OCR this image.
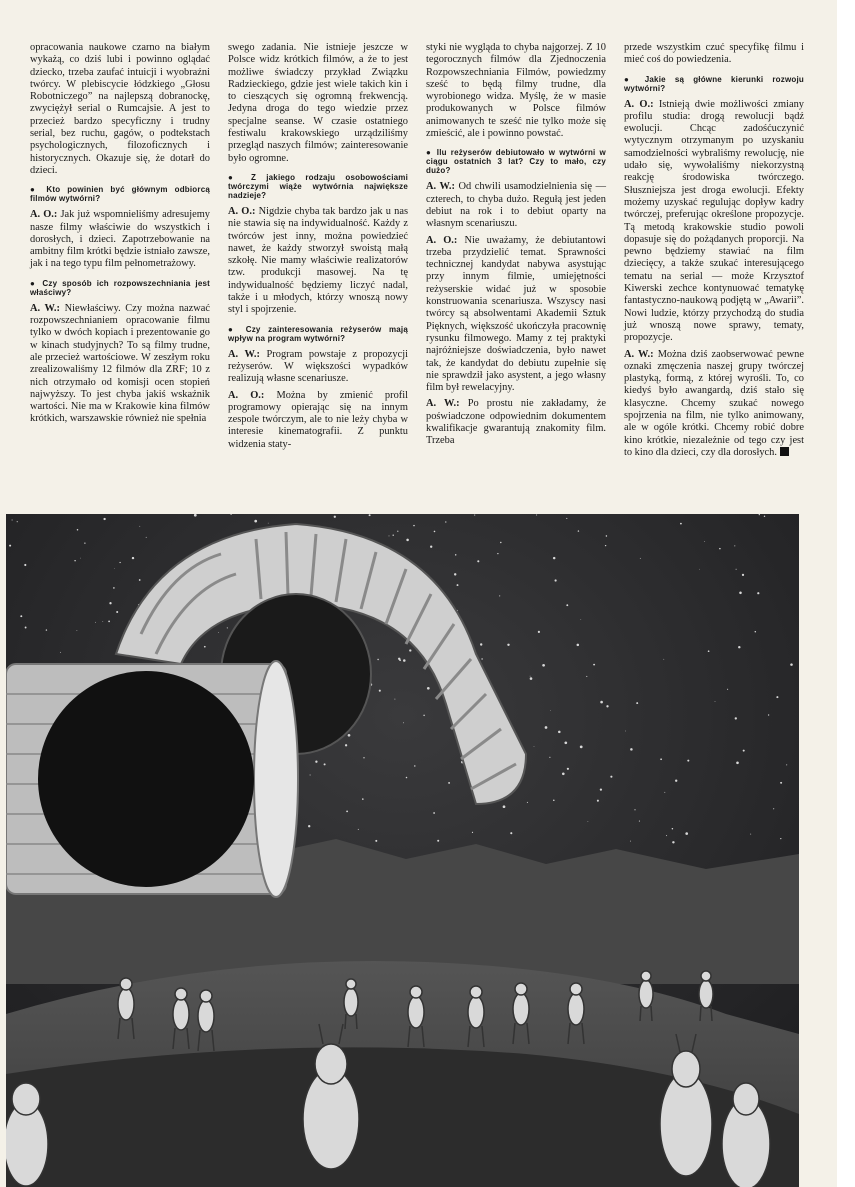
opracowania naukowe czarno na białym wykażą, co dziś lubi i powinno oglądać dziecko, trzeba zaufać intuicji i wyobraźni twórcy. W plebiscycie łódzkiego „Głosu Robotniczego” na najlepszą dobranockę, zwyciężył serial o Rumcajsie. A jest to przecież bardzo specyficzny i trudny serial, bez ruchu, gagów, o podtekstach psychologicznych, filozoficznych i historycznych. Okazuje się, że dotarł do dzieci.

● Kto powinien być głównym odbiorcą filmów wytwórni?

A. O.: Jak już wspomnieliśmy adresujemy nasze filmy właściwie do wszystkich i dorosłych, i dzieci. Zapotrzebowanie na ambitny film krótki będzie istniało zawsze, jak i na tego typu film pełnometrażowy.

● Czy sposób ich rozpowszechniania jest właściwy?

A. W.: Niewłaściwy. Czy można nazwać rozpowszechnianiem opracowanie filmu tylko w dwóch kopiach i prezentowanie go w kinach studyjnych? To są filmy trudne, ale przecież wartościowe. W zeszłym roku zrealizowaliśmy 12 filmów dla ZRF; 10 z nich otrzymało od komisji ocen stopień najwyższy. To jest chyba jakiś wskaźnik wartości. Nie ma w Krakowie kina filmów krótkich, warszawskie również nie spełnia

swego zadania. Nie istnieje jeszcze w Polsce widz krótkich filmów, a że to jest możliwe świadczy przykład Związku Radzieckiego, gdzie jest wiele takich kin i to cieszących się ogromną frekwencją. Jedyna droga do tego wiedzie przez specjalne seanse. W czasie ostatniego festiwalu krakowskiego urządziliśmy przegląd naszych filmów; zainteresowanie było ogromne.

● Z jakiego rodzaju osobowościami twórczymi wiąże wytwórnia największe nadzieje?

A. O.: Nigdzie chyba tak bardzo jak u nas nie stawia się na indywidualność. Każdy z twórców jest inny, można powiedzieć nawet, że każdy stworzył swoistą małą szkołę. Nie mamy właściwie realizatorów tzw. produkcji masowej. Na tę indywidualność będziemy liczyć nadal, także i u młodych, którzy wnoszą nowy styl i spojrzenie.

● Czy zainteresowania reżyserów mają wpływ na program wytwórni?

A. W.: Program powstaje z propozycji reżyserów. W większości wypadków realizują własne scenariusze.

A. O.: Można by zmienić profil programowy opierając się na innym zespole twórczym, ale to nie leży chyba w interesie kinematografii. Z punktu widzenia staty-

styki nie wygląda to chyba najgorzej. Z 10 tegorocznych filmów dla Zjednoczenia Rozpowszechniania Filmów, powiedzmy sześć to będą filmy trudne, dla wyrobionego widza. Myślę, że w masie produkowanych w Polsce filmów animowanych te sześć nie tylko może się zmieścić, ale i powinno powstać.

● Ilu reżyserów debiutowało w wytwórni w ciągu ostatnich 3 lat? Czy to mało, czy dużo?

A. W.: Od chwili usamodzielnienia się — czterech, to chyba dużo. Regułą jest jeden debiut na rok i to debiut oparty na własnym scenariuszu.

A. O.: Nie uważamy, że debiutantowi trzeba przydzielić temat. Sprawności technicznej kandydat nabywa asystując przy innym filmie, umiejętności reżyserskie widać już w sposobie konstruowania scenariusza. Wszyscy nasi twórcy są absolwentami Akademii Sztuk Pięknych, większość ukończyła pracownię rysunku filmowego. Mamy z tej praktyki najróżniejsze doświadczenia, było nawet tak, że kandydat do debiutu zupełnie się nie sprawdził jako asystent, a jego własny film był rewelacyjny.

A. W.: Po prostu nie zakładamy, że poświadczone odpowiednim dokumentem kwalifikacje gwarantują znakomity film. Trzeba

przede wszystkim czuć specyfikę filmu i mieć coś do powiedzenia.

● Jakie są główne kierunki rozwoju wytwórni?

A. O.: Istnieją dwie możliwości zmiany profilu studia: drogą rewolucji bądź ewolucji. Chcąc zadośćuczynić wytycznym otrzymanym po uzyskaniu samodzielności wybraliśmy rewolucję, nie udało się, wywołaliśmy niekorzystną reakcję środowiska twórczego. Słuszniejsza jest droga ewolucji. Efekty możemy uzyskać regulując dopływ kadry twórczej, preferując określone propozycje. Tą metodą krakowskie studio powoli dopasuje się do pożądanych proporcji. Na pewno będziemy stawiać na film dziecięcy, a także szukać interesującego tematu na serial — może Krzysztof Kiwerski zechce kontynuować tematykę fantastyczno-naukową podjętą w „Awarii”. Nowi ludzie, którzy przychodzą do studia już wnoszą nowe sprawy, tematy, propozycje.

A. W.: Można dziś zaobserwować pewne oznaki zmęczenia naszej grupy twórczej plastyką, formą, z której wyrośli. To, co kiedyś było awangardą, dziś stało się klasyczne. Chcemy szukać nowego spojrzenia na film, nie tylko animowany, ale w ogóle krótki. Chcemy robić dobre kino krótkie, niezależnie od tego czy jest to kino dla dzieci, czy dla dorosłych.
